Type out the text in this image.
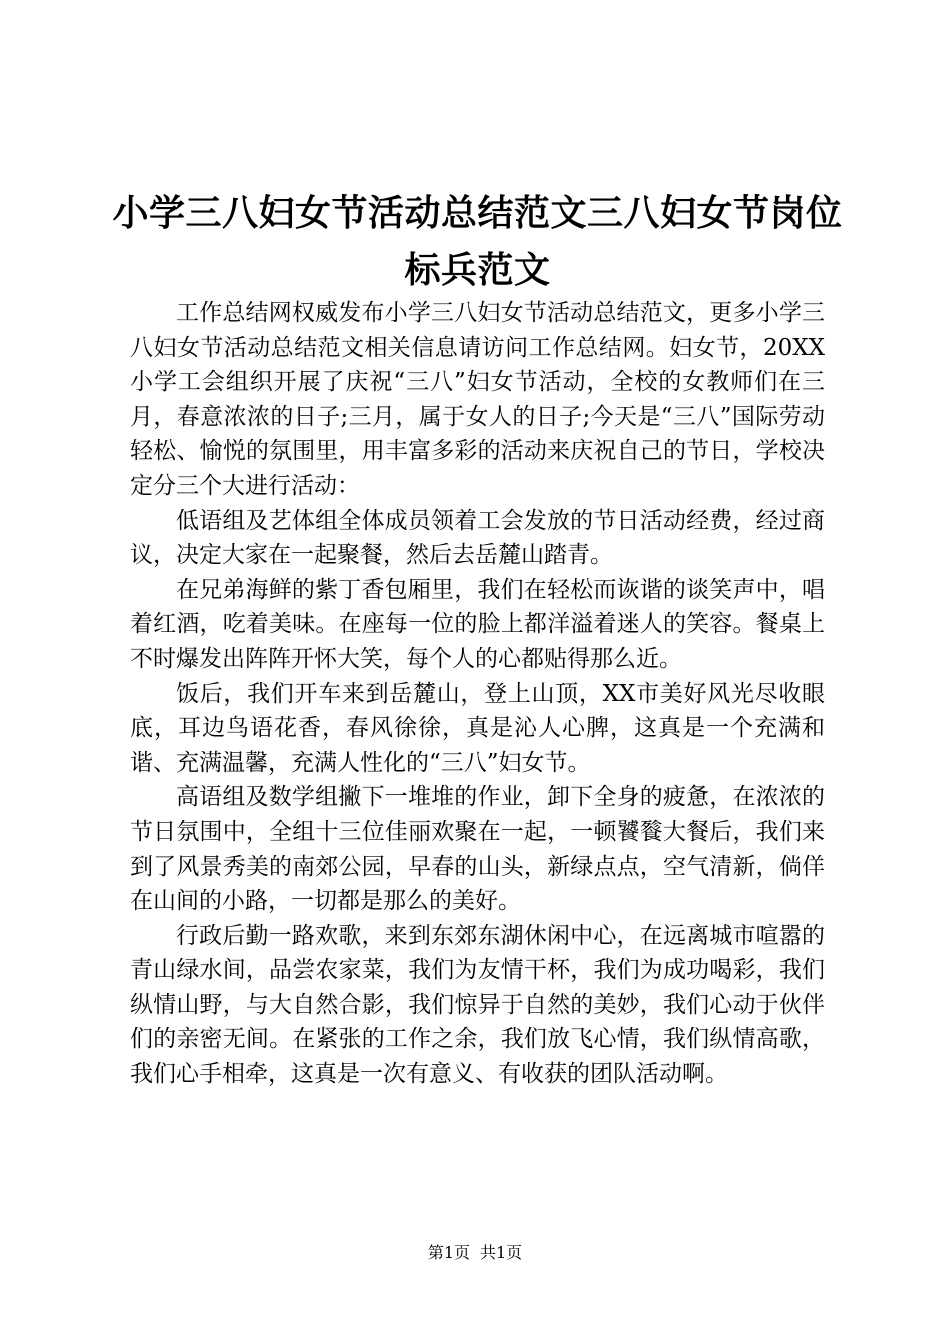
小学三八妇女节活动总结范文三八妇女节岗位标兵范文

工作总结网权威发布小学三八妇女节活动总结范文，更多小学三八妇女节活动总结范文相关信息请访问工作总结网。妇女节，20XX小学工会组织开展了庆祝“三八”妇女节活动，全校的女教师们在三月，春意浓浓的日子;三月，属于女人的日子;今天是“三八”国际劳动轻松、愉悦的氛围里，用丰富多彩的活动来庆祝自己的节日，学校决定分三个大进行活动：

低语组及艺体组全体成员领着工会发放的节日活动经费，经过商议，决定大家在一起聚餐，然后去岳麓山踏青。

在兄弟海鲜的紫丁香包厢里，我们在轻松而诙谐的谈笑声中，唱着红酒，吃着美味。在座每一位的脸上都洋溢着迷人的笑容。餐桌上不时爆发出阵阵开怀大笑，每个人的心都贴得那么近。

饭后，我们开车来到岳麓山，登上山顶，XX市美好风光尽收眼底，耳边鸟语花香，春风徐徐，真是沁人心脾，这真是一个充满和谐、充满温馨，充满人性化的“三八”妇女节。

高语组及数学组撇下一堆堆的作业，卸下全身的疲惫，在浓浓的节日氛围中，全组十三位佳丽欢聚在一起，一顿饕餮大餐后，我们来到了风景秀美的南郊公园，早春的山头，新绿点点，空气清新，倘佯在山间的小路，一切都是那么的美好。

行政后勤一路欢歌，来到东郊东湖休闲中心，在远离城市喧嚣的青山绿水间，品尝农家菜，我们为友情干杯，我们为成功喝彩，我们纵情山野，与大自然合影，我们惊异于自然的美妙，我们心动于伙伴们的亲密无间。在紧张的工作之余，我们放飞心情，我们纵情高歌，我们心手相牵，这真是一次有意义、有收获的团队活动啊。

第1页 共1页
